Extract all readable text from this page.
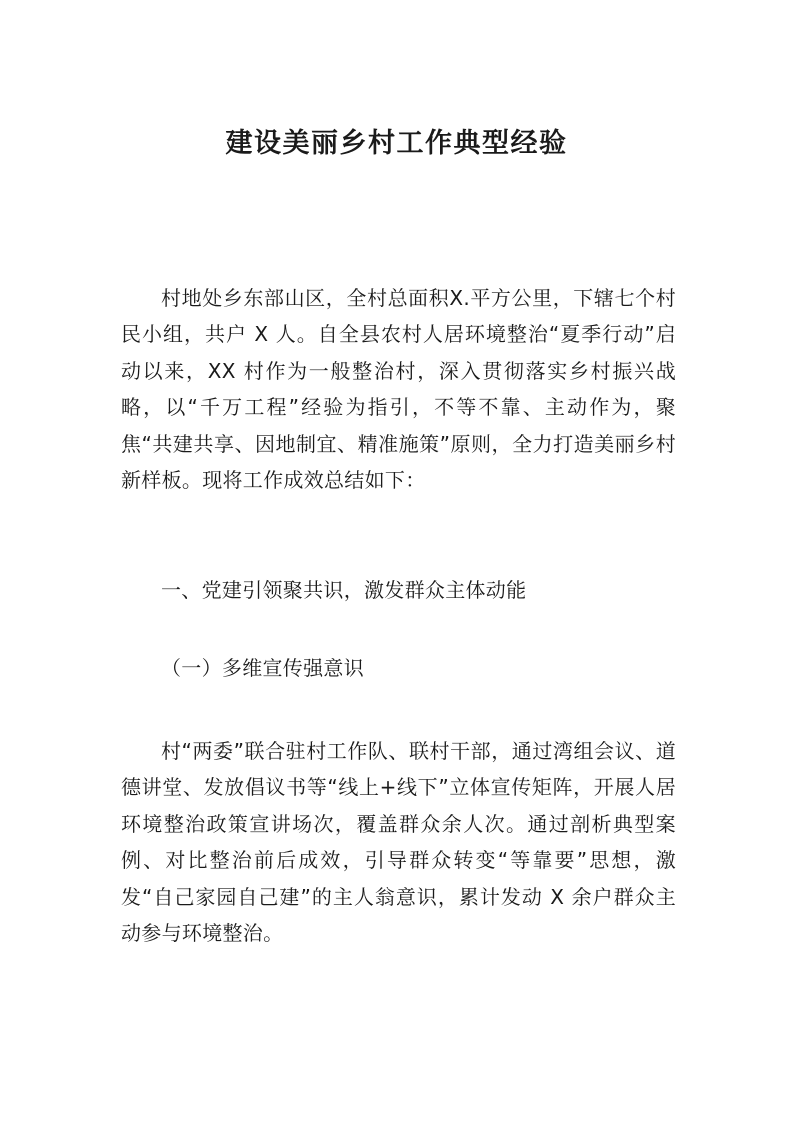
建设美丽乡村工作典型经验

村地处乡东部山区，全村总面积X.平方公里，下辖七个村民小组，共户 X 人。自全县农村人居环境整治“夏季行动”启动以来，XX 村作为一般整治村，深入贯彻落实乡村振兴战略，以“千万工程”经验为指引，不等不靠、主动作为，聚焦“共建共享、因地制宜、精准施策”原则，全力打造美丽乡村新样板。现将工作成效总结如下：

一、党建引领聚共识，激发群众主体动能

（一）多维宣传强意识

村“两委”联合驻村工作队、联村干部，通过湾组会议、道德讲堂、发放倡议书等“线上+线下”立体宣传矩阵，开展人居环境整治政策宣讲场次，覆盖群众余人次。通过剖析典型案例、对比整治前后成效，引导群众转变“等靠要”思想，激发“自己家园自己建”的主人翁意识，累计发动 X 余户群众主动参与环境整治。
